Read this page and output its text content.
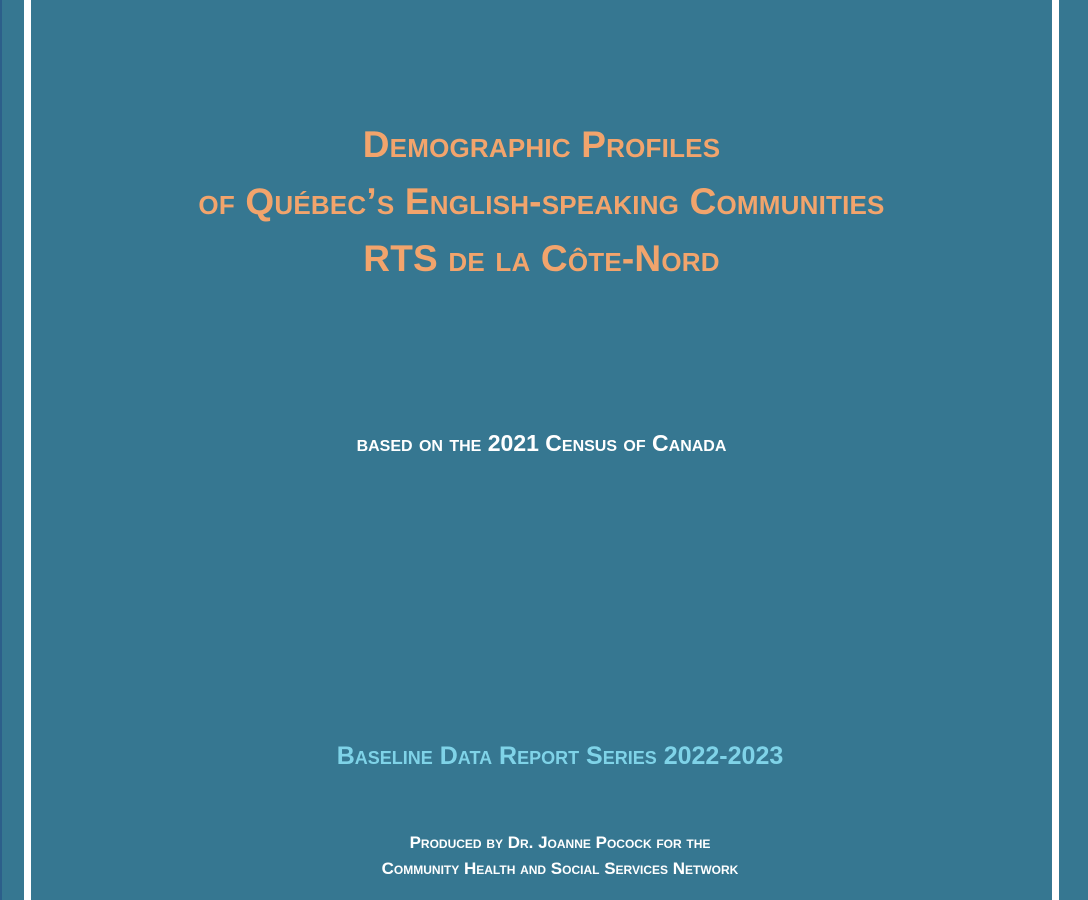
Demographic Profiles

of Québec’s English-speaking Communities

RTS de la Côte-Nord

based on the 2021 Census of Canada

Baseline Data Report Series 2022-2023

Produced by Dr. Joanne Pocock for the

Community Health and Social Services Network
